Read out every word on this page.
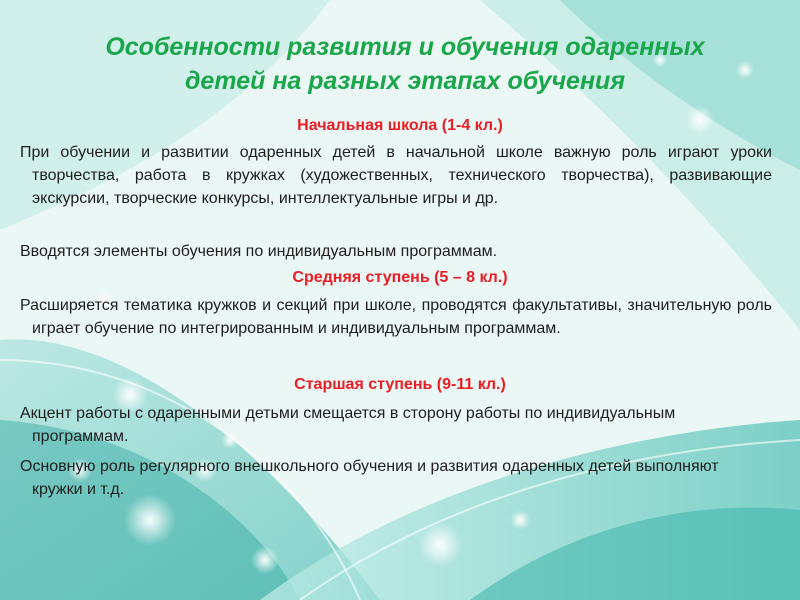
Особенности развития и обучения одаренных
детей на разных этапах обучения
Начальная школа (1-4 кл.)
При обучении и развитии одаренных детей в начальной школе важную роль играют уроки творчества, работа в кружках (художественных, технического творчества), развивающие экскурсии, творческие конкурсы, интеллектуальные игры и др.
Вводятся элементы обучения по индивидуальным программам.
Средняя ступень (5 – 8 кл.)
Расширяется тематика кружков и секций при школе, проводятся факультативы, значительную роль играет обучение по интегрированным и индивидуальным программам.
Старшая ступень (9-11 кл.)
Акцент работы с одаренными детьми смещается в сторону работы по индивидуальным программам.
Основную роль регулярного внешкольного обучения и развития одаренных детей выполняют кружки и т.д.
